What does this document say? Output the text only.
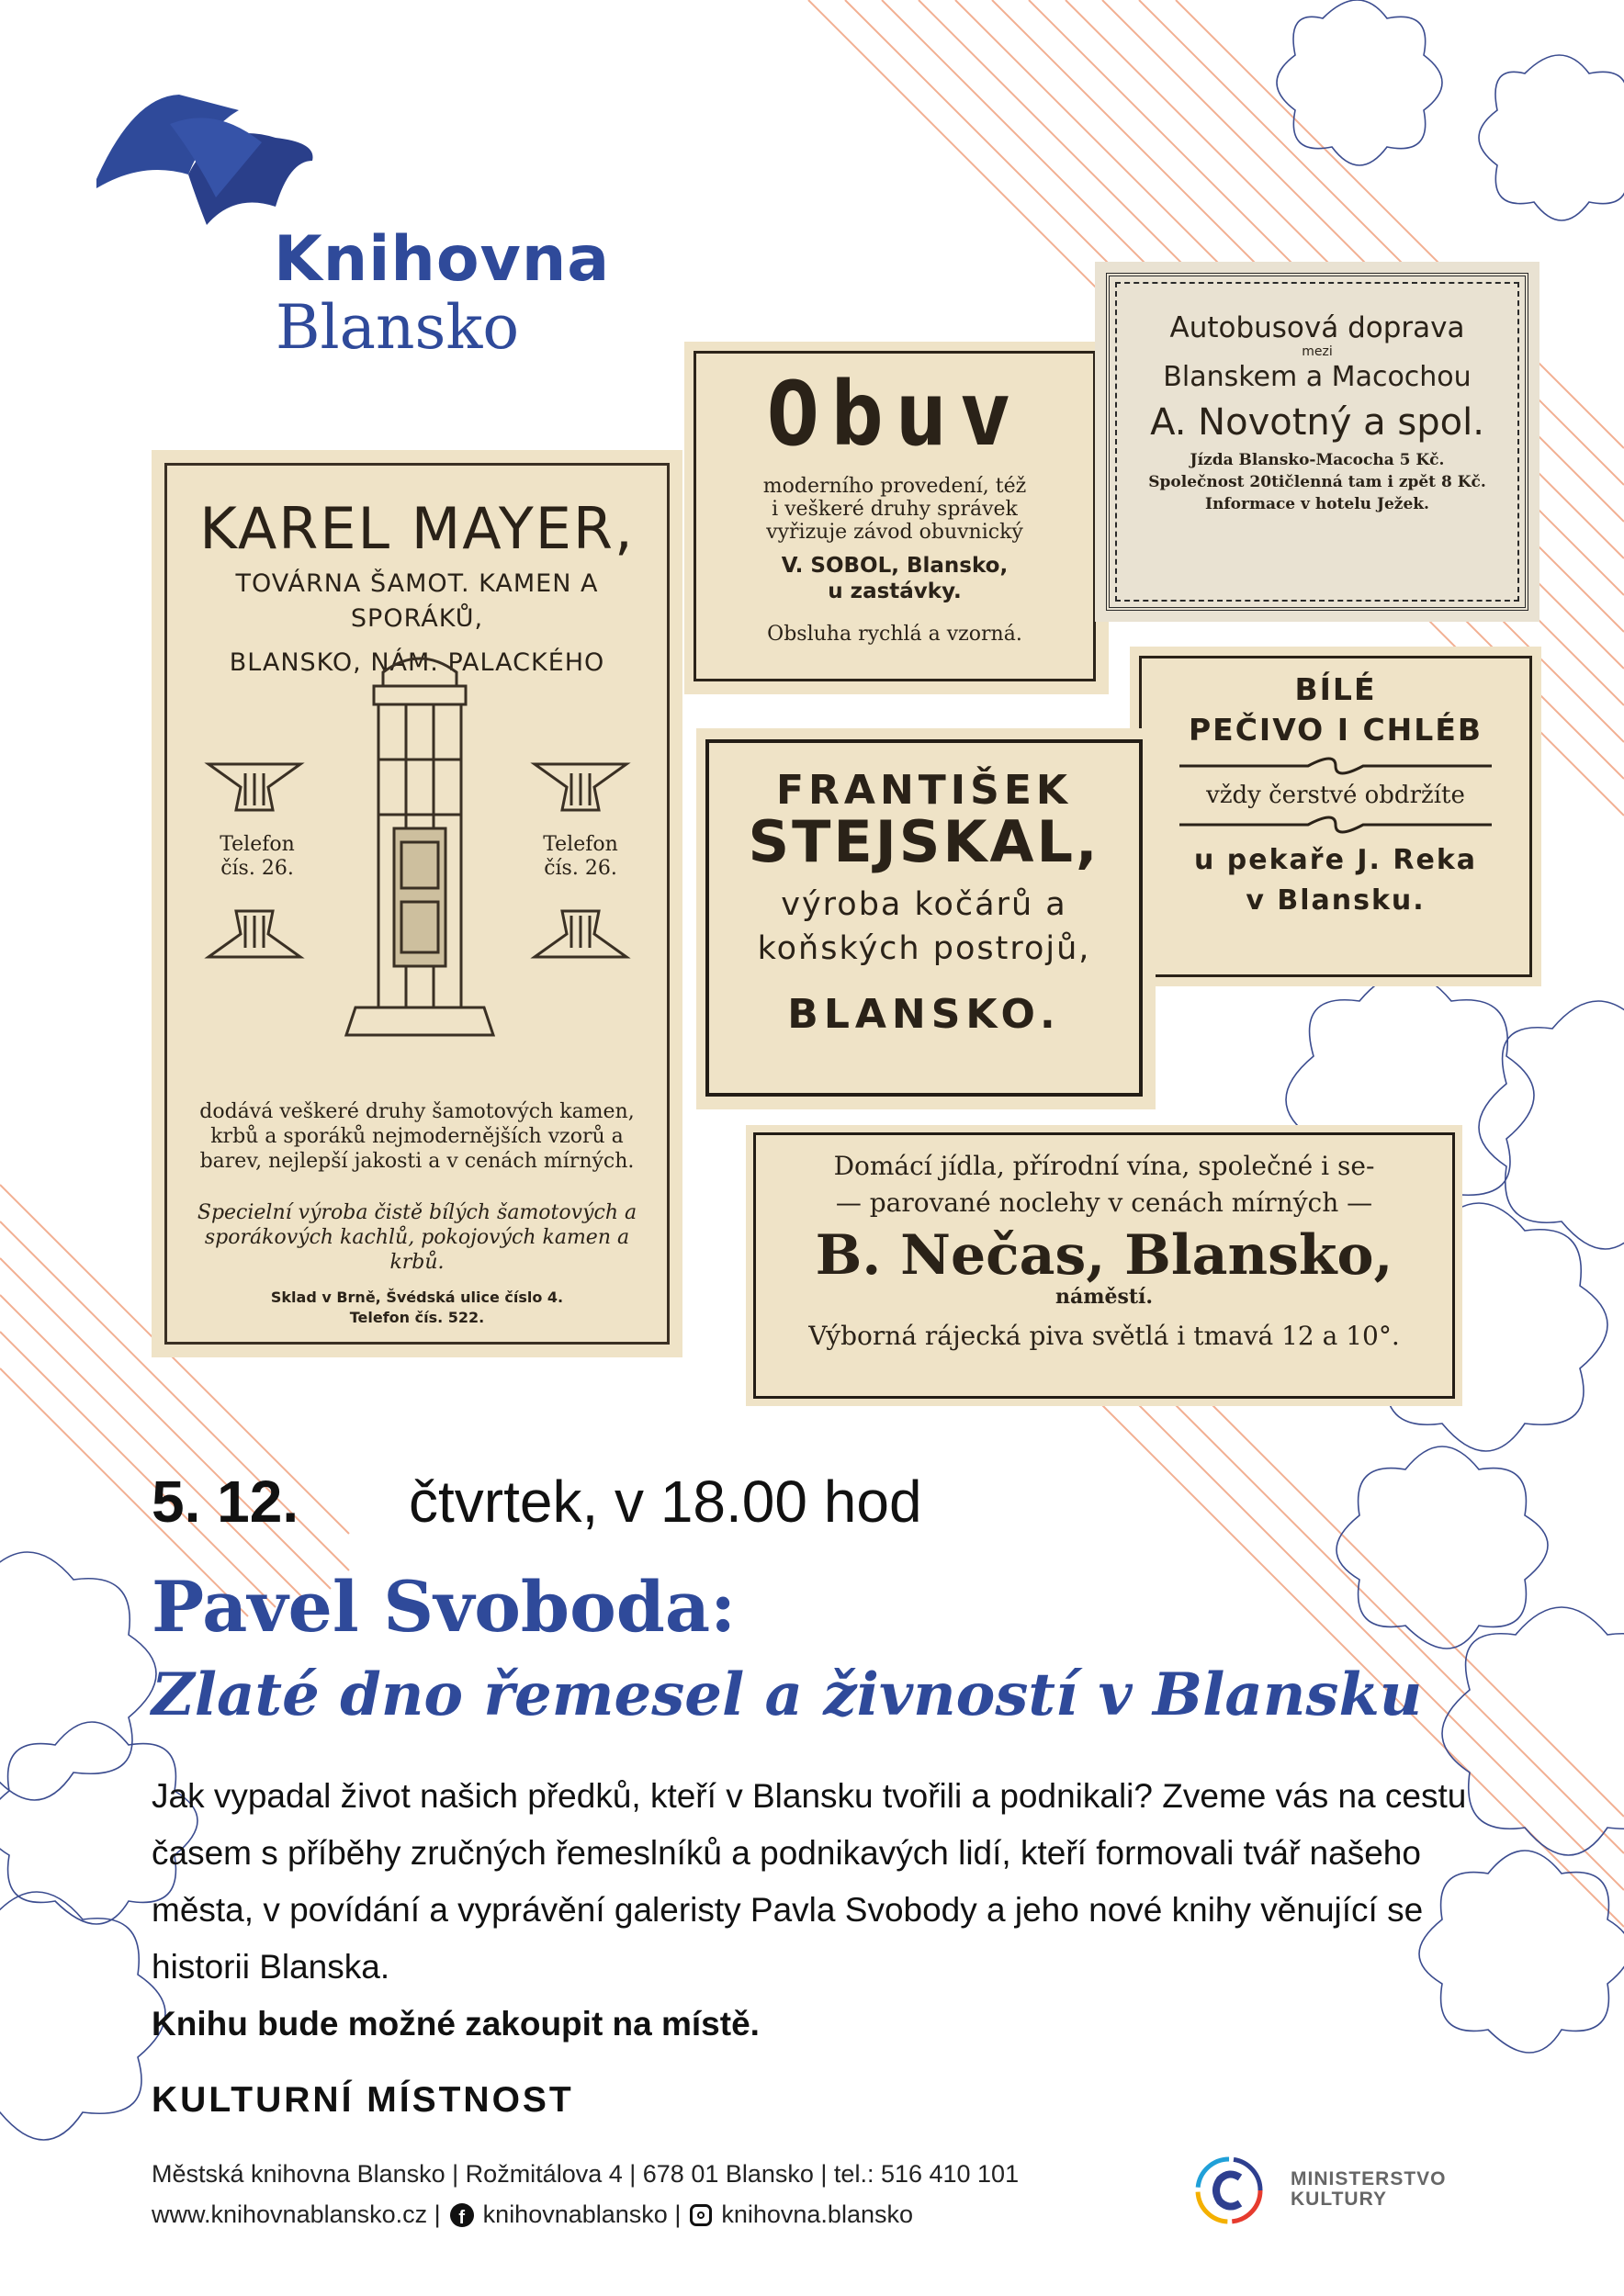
Knihovna
Blansko
KAREL MAYER,
TOVÁRNA ŠAMOT. KAMEN A SPORÁKŮ,
BLANSKO, NÁM. PALACKÉHO
Telefon
čís. 26.
Telefon
čís. 26.
dodává veškeré druhy šamotových kamen, krbů a sporáků nejmodernějších vzorů a barev, nejlepší jakosti a v cenách mírných.
Specielní výroba čistě bílých šamotových a sporákových kachlů, pokojových kamen a krbů.
Sklad v Brně, Švédská ulice číslo 4.
Telefon čís. 522.
Obuv
moderního provedení, též
i veškeré druhy správek
vyřizuje závod obuvnický
V. SOBOL, Blansko,
u zastávky.
Obsluha rychlá a vzorná.
Autobusová doprava
mezi
Blanskem a Macochou
A. Novotný a spol.
Jízda Blansko-Macocha 5 Kč.
Společnost 20tičlenná tam i zpět 8 Kč.
Informace v hotelu Ježek.
BÍLÉ
PEČIVO I CHLÉB
vždy čerstvé obdržíte
u pekaře J. Reka
v Blansku.
FRANTIŠEK
STEJSKAL,
výroba kočárů a
koňských postrojů,
BLANSKO.
Domácí jídla, přírodní vína, společné i se-
— parované noclehy v cenách mírných —
B. Nečas, Blansko,
náměstí.
Výborná rájecká piva světlá i tmavá 12 a 10°.
5. 12. čtvrtek, v 18.00 hod
Pavel Svoboda:
Zlaté dno řemesel a živností v Blansku
Jak vypadal život našich předků, kteří v Blansku tvořili a podnikali? Zveme vás na cestu časem s příběhy zručných řemeslníků a podnikavých lidí, kteří formovali tvář našeho města, v povídání a vyprávění galeristy Pavla Svobody a jeho nové knihy věnující se historii Blanska.
Knihu bude možné zakoupit na místě.
KULTURNÍ MÍSTNOST
Městská knihovna Blansko | Rožmitálova 4 | 678 01 Blansko | tel.: 516 410 101
www.knihovnablansko.cz | f knihovnablansko | knihovna.blansko
MINISTERSTVO
KULTURY
